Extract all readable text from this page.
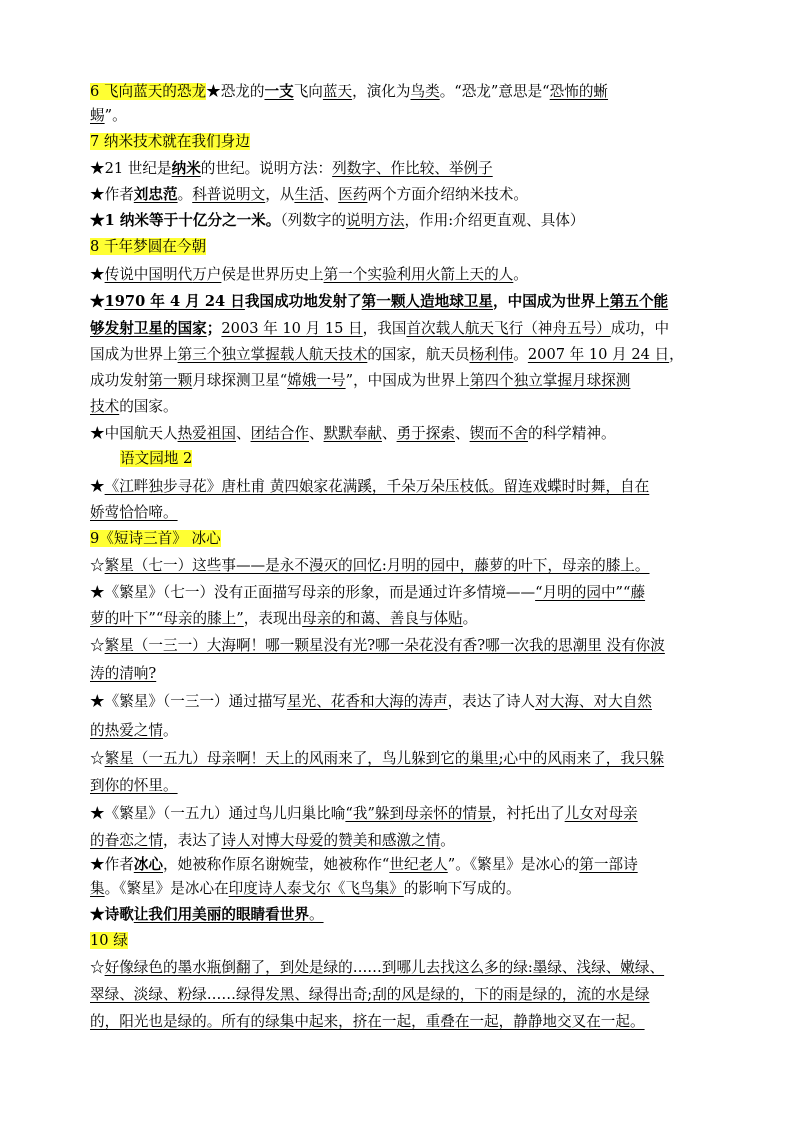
6 飞向蓝天的恐龙★恐龙的一支飞向蓝天，演化为鸟类。“恐龙”意思是“恐怖的蜥
蜴”。
7 纳米技术就在我们身边
★21 世纪是纳米的世纪。说明方法：列数字、作比较、举例子
★作者刘忠范。科普说明文，从生活、医药两个方面介绍纳米技术。
★1 纳米等于十亿分之一米。（列数字的说明方法，作用:介绍更直观、具体）
8 千年梦圆在今朝
★传说中国明代万户侯是世界历史上第一个实验利用火箭上天的人。
★1970 年 4 月 24 日我国成功地发射了第一颗人造地球卫星，中国成为世界上第五个能
够发射卫星的国家；2003 年 10 月 15 日，我国首次载人航天飞行（神舟五号）成功，中
国成为世界上第三个独立掌握载人航天技术的国家，航天员杨利伟。2007 年 10 月 24 日，
成功发射第一颗月球探测卫星“嫦娥一号”，中国成为世界上第四个独立掌握月球探测
技术的国家。
★中国航天人热爱祖国、团结合作、默默奉献、勇于探索、锲而不舍的科学精神。
语文园地 2
★《江畔独步寻花》唐杜甫 黄四娘家花满蹊，千朵万朵压枝低。留连戏蝶时时舞，自在
娇莺恰恰啼。
9《短诗三首》 冰心
☆繁星（七一）这些事——是永不漫灭的回忆:月明的园中，藤萝的叶下，母亲的膝上。
★《繁星》（七一）没有正面描写母亲的形象，而是通过许多情境——“月明的园中”“藤
萝的叶下”“母亲的膝上”，表现出母亲的和蔼、善良与体贴。
☆繁星（一三一）大海啊！哪一颗星没有光?哪一朵花没有香?哪一次我的思潮里 没有你波
涛的清响?
★《繁星》（一三一）通过描写星光、花香和大海的涛声，表达了诗人对大海、对大自然
的热爱之情。
☆繁星（一五九）母亲啊！天上的风雨来了，鸟儿躲到它的巢里;心中的风雨来了，我只躲
到你的怀里。
★《繁星》（一五九）通过鸟儿归巢比喻“我”躲到母亲怀的情景，衬托出了儿女对母亲
的眷恋之情，表达了诗人对博大母爱的赞美和感激之情。
★作者冰心，她被称作原名谢婉莹，她被称作“世纪老人”。《繁星》是冰心的第一部诗
集。《繁星》是冰心在印度诗人泰戈尔《飞鸟集》的影响下写成的。
★诗歌让我们用美丽的眼睛看世界。
10 绿
☆好像绿色的墨水瓶倒翻了，到处是绿的……到哪儿去找这么多的绿:墨绿、浅绿、嫩绿、
翠绿、淡绿、粉绿……绿得发黑、绿得出奇;刮的风是绿的，下的雨是绿的，流的水是绿
的，阳光也是绿的。所有的绿集中起来，挤在一起，重叠在一起，静静地交叉在一起。
